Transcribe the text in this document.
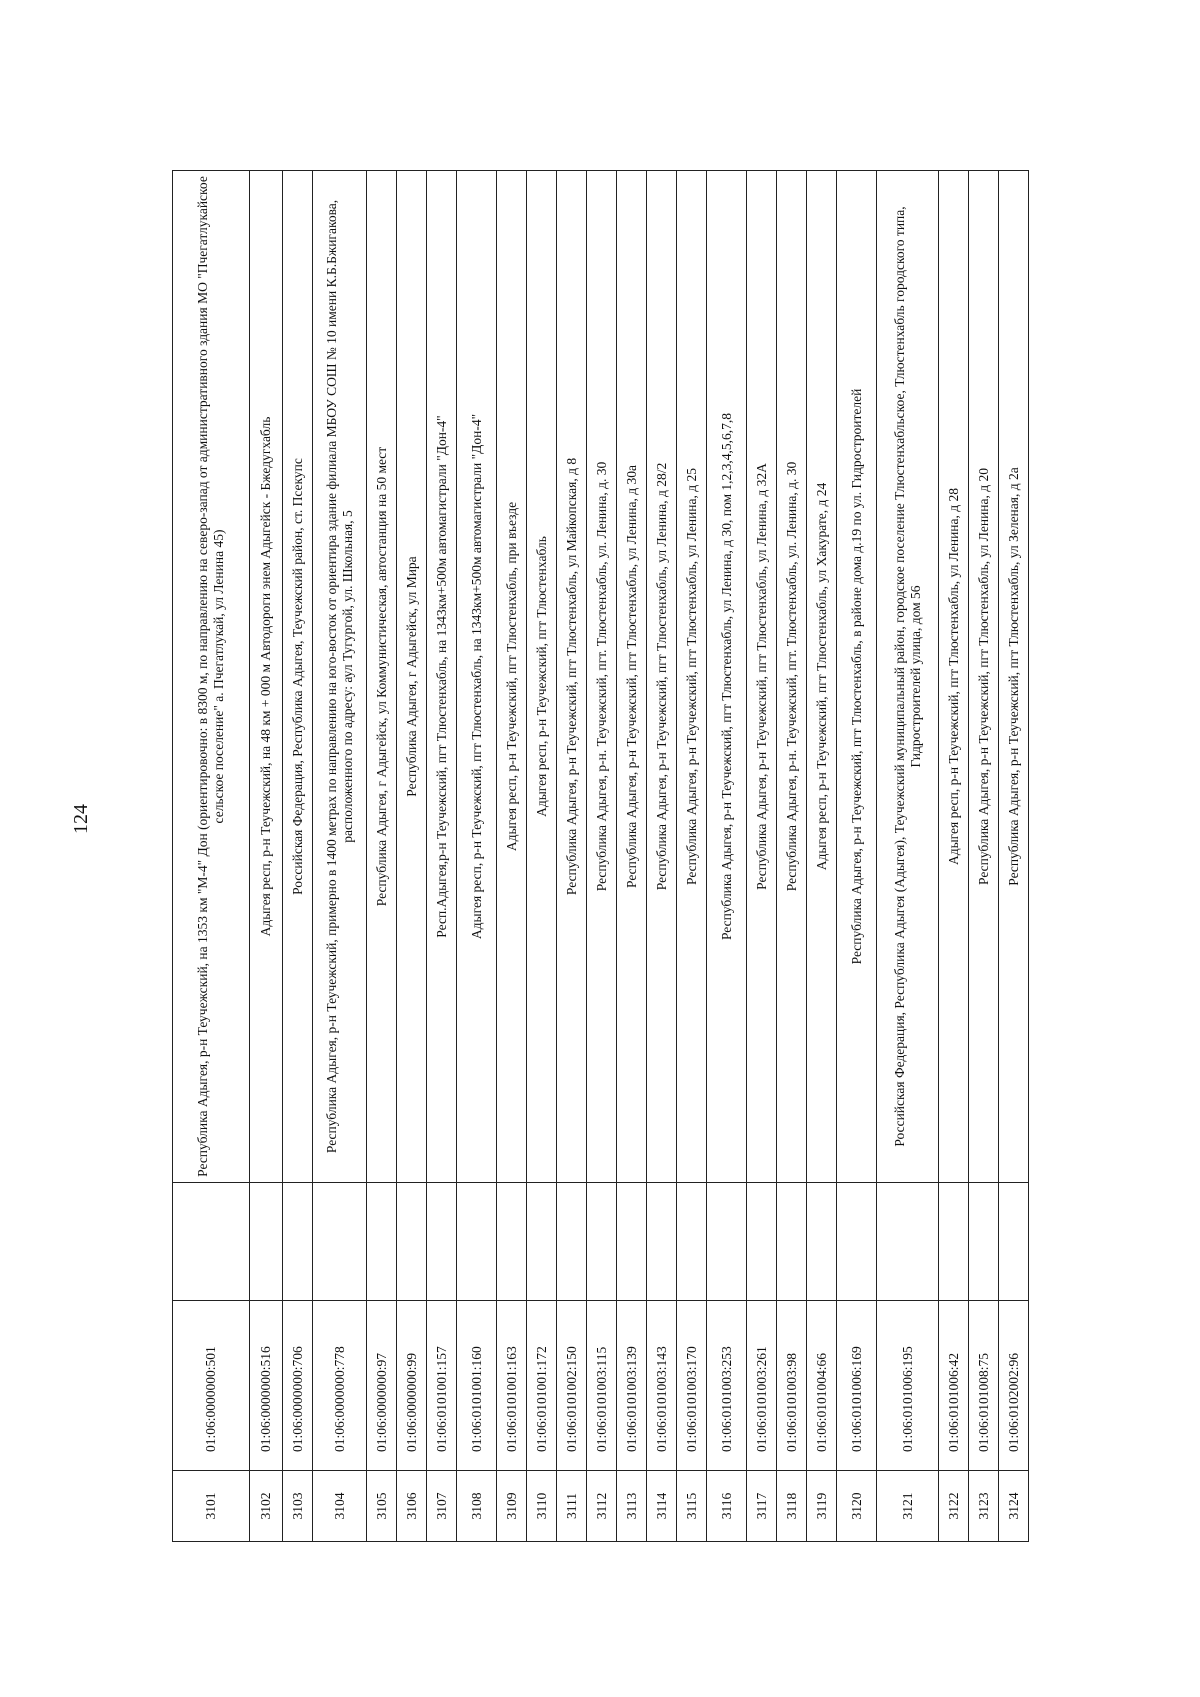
124
3101	01:06:0000000:501		Республика Адыгея, р-н Теучежский, на 1353 км "М-4" Дон (ориентировочно: в 8300 м, по направлению на северо-запад от административного здания МО "Пчегатлукайское сельское поселение" а. Пчегатлукай, ул Ленина 45)
3102	01:06:0000000:516		Адыгея респ, р-н Теучежский, на 48 км + 000 м Автодороги энем Адыгейск - Бжедугхабль
3103	01:06:0000000:706		Российская Федерация, Республика Адыгея, Теучежский район, ст. Псекупс
3104	01:06:0000000:778		Республика Адыгея, р-н Теучежский, примерно в 1400 метрах по направлению на юго-восток от ориентира здание филиала МБОУ СОШ № 10 имени К.Б.Бжигакова, расположенного по адресу: аул Тугургой, ул. Школьная, 5
3105	01:06:0000000:97		Республика Адыгея, г Адыгейск, ул Коммунистическая, автостанция на 50 мест
3106	01:06:0000000:99		Республика Адыгея, г Адыгейск, ул Мира
3107	01:06:0101001:157		Респ.Адыгея,р-н Теучежский, пгт Тлюстенхабль, на 1343км+500м автомагистрали "Дон-4"
3108	01:06:0101001:160		Адыгея респ, р-н Теучежский, пгт Тлюстенхабль, на 1343км+500м автомагистрали "Дон-4"
3109	01:06:0101001:163		Адыгея респ, р-н Теучежский, пгт Тлюстенхабль, при въезде
3110	01:06:0101001:172		Адыгея респ, р-н Теучежский, пгт Тлюстенхабль
3111	01:06:0101002:150		Республика Адыгея, р-н Теучежский, пгт Тлюстенхабль, ул Майкопская, д 8
3112	01:06:0101003:115		Республика Адыгея, р-н. Теучежский, пгт. Тлюстенхабль, ул. Ленина, д. 30
3113	01:06:0101003:139		Республика Адыгея, р-н Теучежский, пгт Тлюстенхабль, ул Ленина, д 30а
3114	01:06:0101003:143		Республика Адыгея, р-н Теучежский, пгт Тлюстенхабль, ул Ленина, д 28/2
3115	01:06:0101003:170		Республика Адыгея, р-н Теучежский, пгт Тлюстенхабль, ул Ленина, д 25
3116	01:06:0101003:253		Республика Адыгея, р-н Теучежский, пгт Тлюстенхабль, ул Ленина, д 30, пом 1,2,3,4,5,6,7,8
3117	01:06:0101003:261		Республика Адыгея, р-н Теучежский, пгт Тлюстенхабль, ул Ленина, д 32А
3118	01:06:0101003:98		Республика Адыгея, р-н. Теучежский, пгт. Тлюстенхабль, ул. Ленина, д. 30
3119	01:06:0101004:66		Адыгея респ, р-н Теучежский, пгт Тлюстенхабль, ул Хакурате, д 24
3120	01:06:0101006:169		Республика Адыгея, р-н Теучежский, пгт Тлюстенхабль, в районе дома д.19 по ул. Гидростроителей
3121	01:06:0101006:195		Российская Федерация, Республика Адыгея (Адыгея), Теучежский муниципальный район, городское поселение Тлюстенхабльское, Тлюстенхабль городского типа, Гидростроителей улица, дом 56
3122	01:06:0101006:42		Адыгея респ, р-н Теучежский, пгт Тлюстенхабль, ул Ленина, д 28
3123	01:06:0101008:75		Республика Адыгея, р-н Теучежский, пгт Тлюстенхабль, ул Ленина, д 20
3124	01:06:0102002:96		Республика Адыгея, р-н Теучежский, пгт Тлюстенхабль, ул Зеленая, д 2а
